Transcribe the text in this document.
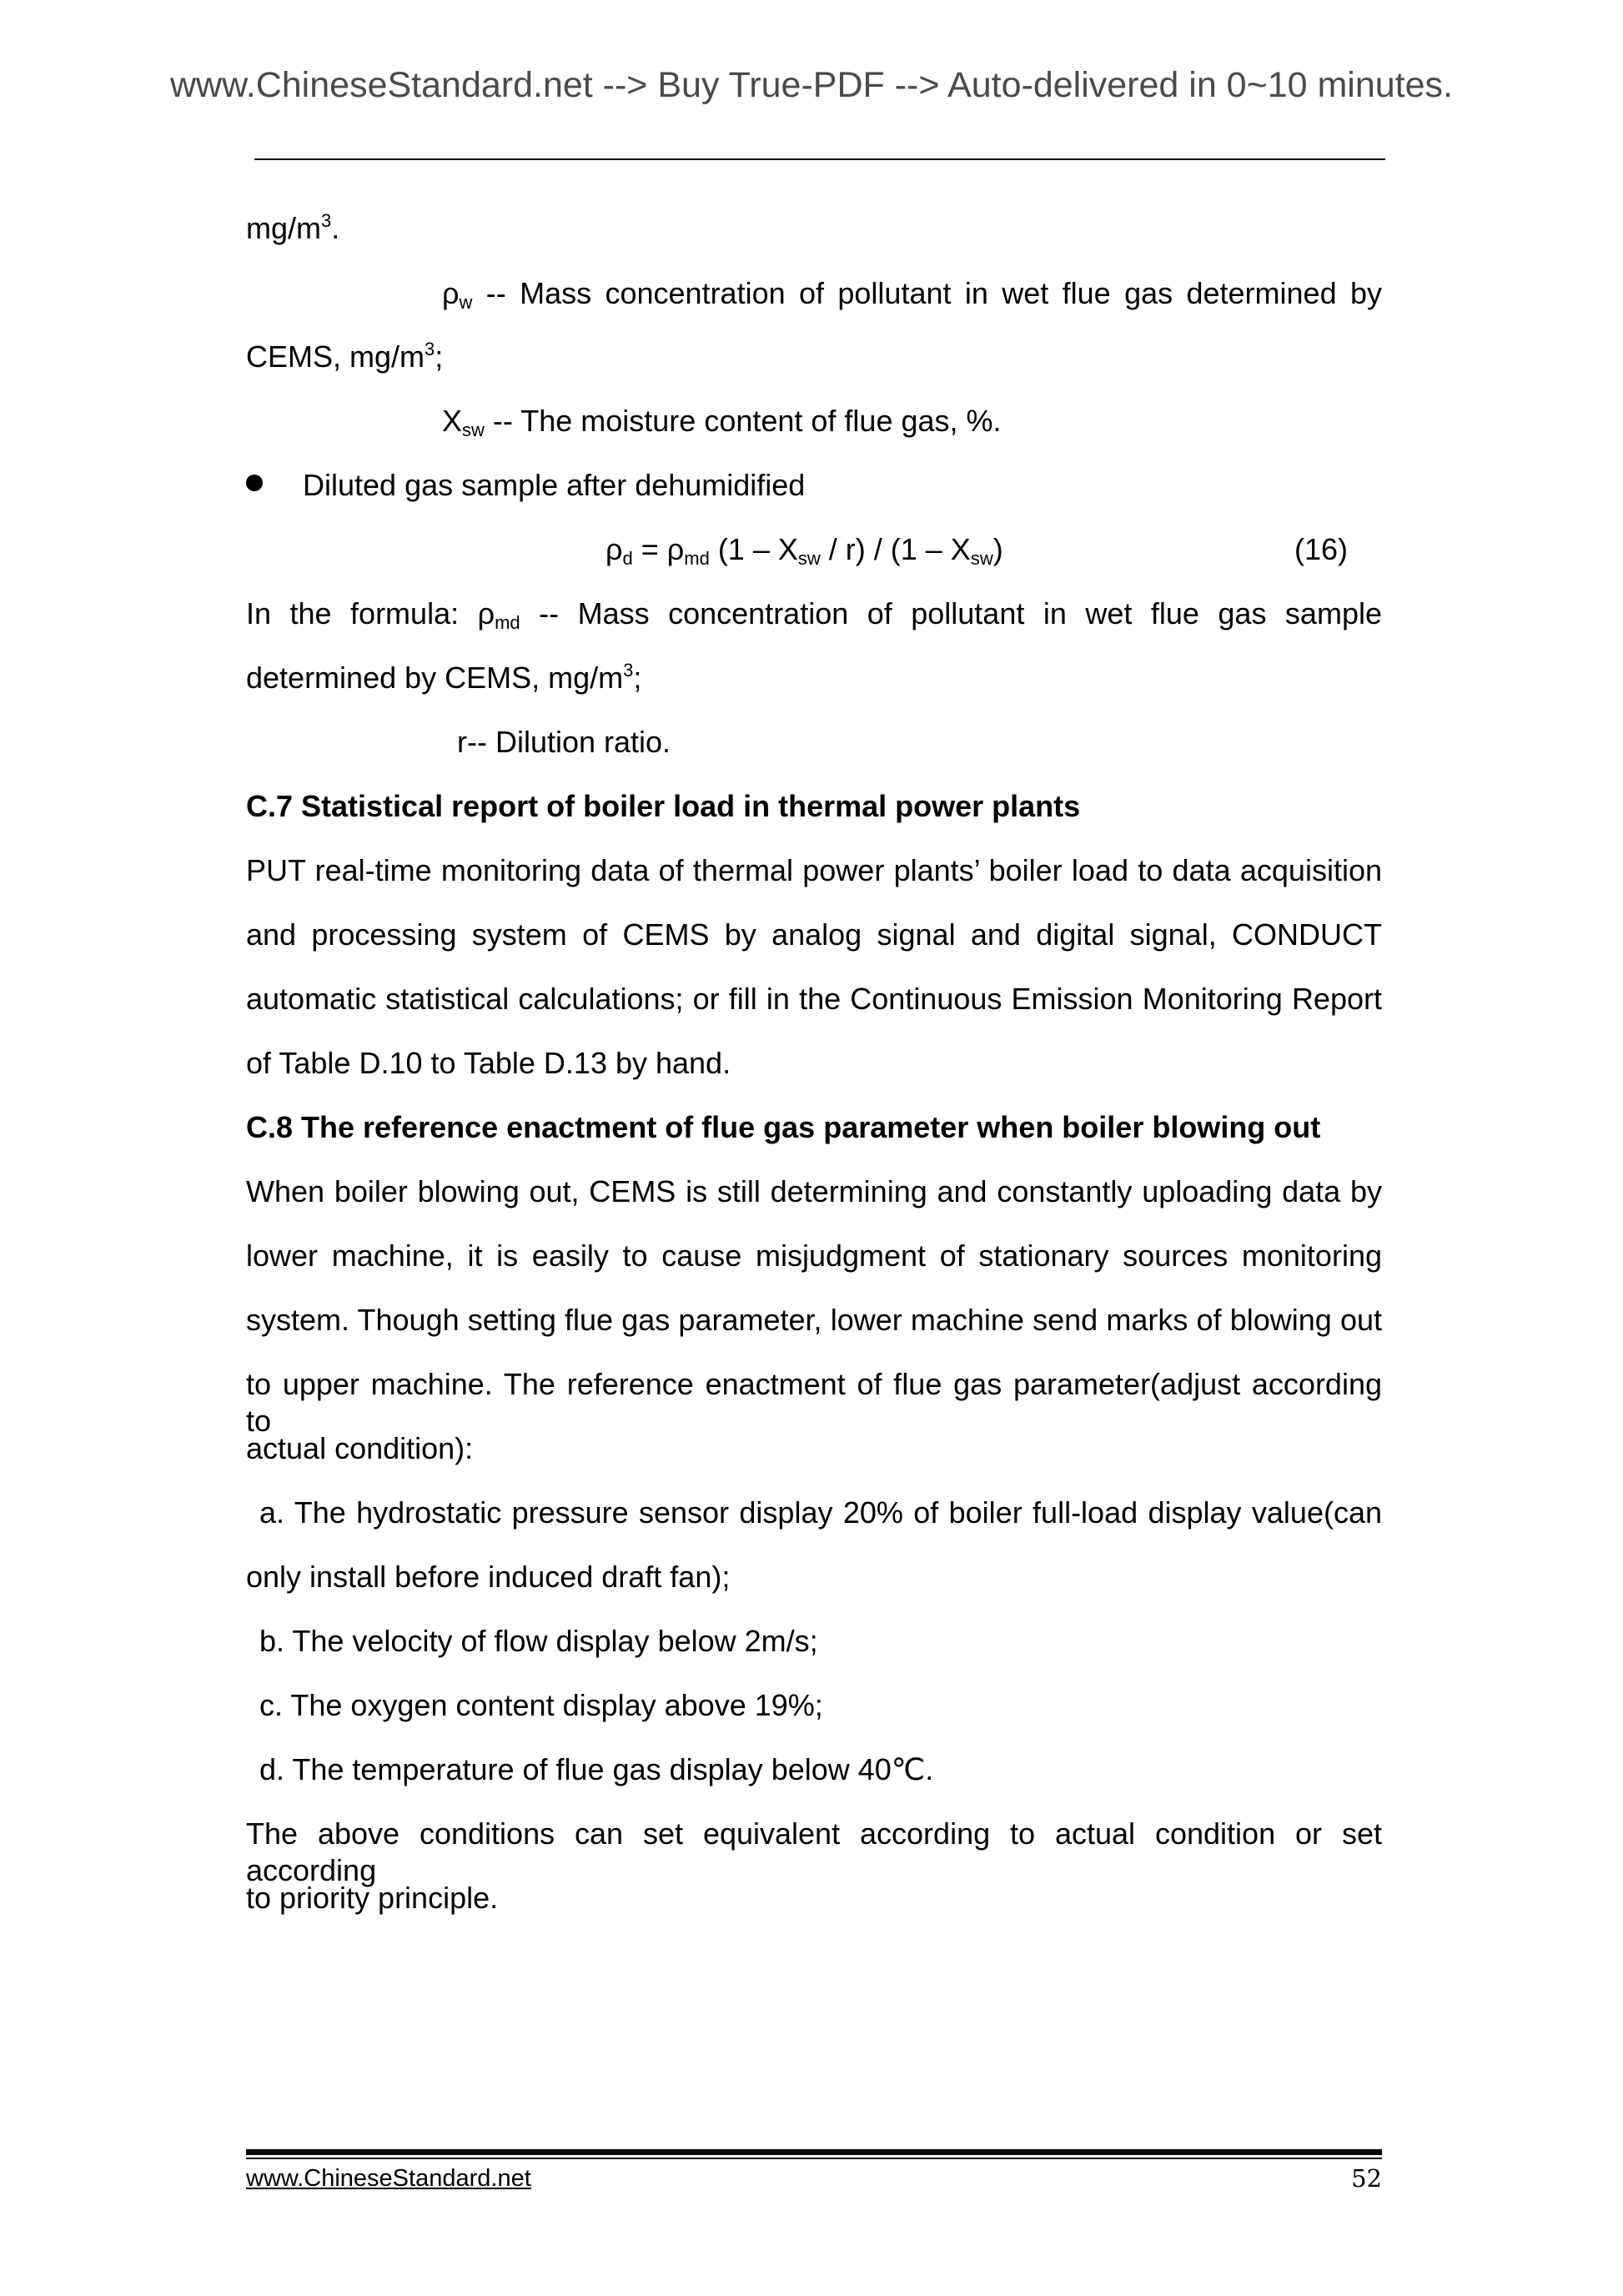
www.ChineseStandard.net --> Buy True-PDF --> Auto-delivered in 0~10 minutes.
$mg/m^3$.
$\rho_w$ -- Mass concentration of pollutant in wet flue gas determined by
CEMS, $mg/m^3$;
$X_{sw}$ -- The moisture content of flue gas, %.
Diluted gas sample after dehumidified
$\rho_d = \rho_{md}$ $(1 - X_{sw} / r) / (1 - X_{sw})$	(16)
In the formula: $\rho_{md}$ -- Mass concentration of pollutant in wet flue gas sample
determined by CEMS, $mg/m^3$;
r-- Dilution ratio.
C.7 Statistical report of boiler load in thermal power plants
PUT real-time monitoring data of thermal power plants’ boiler load to data acquisition
and processing system of CEMS by analog signal and digital signal, CONDUCT
automatic statistical calculations; or fill in the Continuous Emission Monitoring Report
of Table D.10 to Table D.13 by hand.
C.8 The reference enactment of flue gas parameter when boiler blowing out
When boiler blowing out, CEMS is still determining and constantly uploading data by
lower machine, it is easily to cause misjudgment of stationary sources monitoring
system. Though setting flue gas parameter, lower machine send marks of blowing out
to upper machine. The reference enactment of flue gas parameter(adjust according to
actual condition):
a. The hydrostatic pressure sensor display 20% of boiler full-load display value(can
only install before induced draft fan);
b. The velocity of flow display below 2m/s;
c. The oxygen content display above 19%;
d. The temperature of flue gas display below 40℃.
The above conditions can set equivalent according to actual condition or set according
to priority principle.
www.ChineseStandard.net	52
